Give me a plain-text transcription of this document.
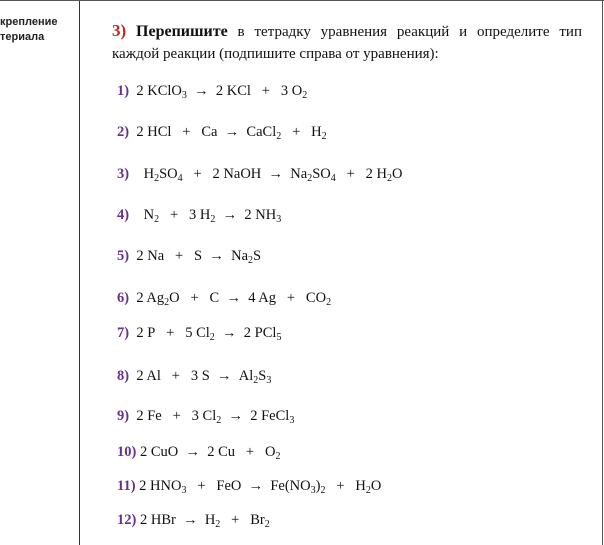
крепление
териала	3) Перепишите в тетрадку уравнения реакций и определите тип каждой реакции (подпишите справа от уравнения):
1) 2 KClO$_3$  →  2 KCl   +   3 $O_2$
2) 2 HCl   +   Ca  →  CaCl$_2$   +   $H_2$
3) $H_2SO_4 + 2$ NaOH  →  $Na_2SO_4 + 2$ $H_2O$
4) $N_2 + 3$ $H_2 \to 2$ $NH_3$
5) 2 $Na + S \to Na_2S$
6) 2 $Ag_2O + C \to 4$ $Ag + CO_2$
7) 2 P   +   5 $Cl_2 \to 2$ PCl$_5$
8) 2 Al   +   3 $S \to Al_2S_3$
9) 2 Fe   +   3 $Cl_2 \to 2$ FeCl$_3$
10) 2 CuO  →  2 $Cu + O_2$
11) 2 $HNO_3$   +   FeO  →  $Fe(NO_3)_2 + H_2O$
12) 2 HBr  →  $H_2 + Br_2$
